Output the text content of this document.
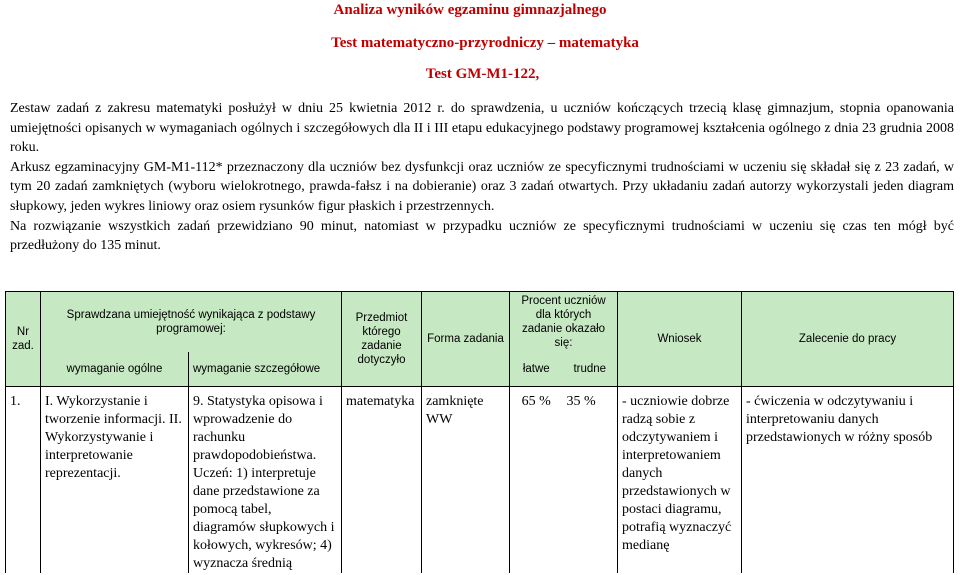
Analiza wyników egzaminu gimnazjalnego
Test matematyczno-przyrodniczy – matematyka
Test GM-M1-122,

Zestaw zadań z zakresu matematyki posłużył w dniu 25 kwietnia 2012 r. do sprawdzenia, u uczniów kończących trzecią klasę gimnazjum, stopnia opanowania umiejętności opisanych w wymaganiach ogólnych i szczegółowych dla II i III etapu edukacyjnego podstawy programowej kształcenia ogólnego z dnia 23 grudnia 2008 roku.

Arkusz egzaminacyjny GM-M1-112* przeznaczony dla uczniów bez dysfunkcji oraz uczniów ze specyficznymi trudnościami w uczeniu się składał się z 23 zadań, w tym 20 zadań zamkniętych (wyboru wielokrotnego, prawda-fałsz i na dobieranie) oraz 3 zadań otwartych. Przy układaniu zadań autorzy wykorzystali jeden diagram słupkowy, jeden wykres liniowy oraz osiem rysunków figur płaskich i przestrzennych.

Na rozwiązanie wszystkich zadań przewidziano 90 minut, natomiast w przypadku uczniów ze specyficznymi trudnościami w uczeniu się czas ten mógł być przedłużony do 135 minut.

Nr zad.	Sprawdzana umiejętność wynikająca z podstawy programowej:		Przedmiot którego zadanie dotyczyło	Forma zadania	Procent uczniów dla których zadanie okazało się:		Wniosek	Zalecenie do pracy
	wymaganie ogólne	wymaganie szczegółowe			łatwe	trudne		
1.	I. Wykorzystanie i tworzenie informacji. II. Wykorzystywanie i interpretowanie reprezentacji.	9. Statystyka opisowa i wprowadzenie do rachunku prawdopodobieństwa. Uczeń: 1) interpretuje dane przedstawione za pomocą tabel, diagramów słupkowych i kołowych, wykresów; 4) wyznacza średnią	matematyka	zamknięte WW	65 %	35 %	- uczniowie dobrze radzą sobie z odczytywaniem i interpretowaniem danych przedstawionych w postaci diagramu, potrafią wyznaczyć medianę	- ćwiczenia w odczytywaniu i interpretowaniu danych przedstawionych w różny sposób
